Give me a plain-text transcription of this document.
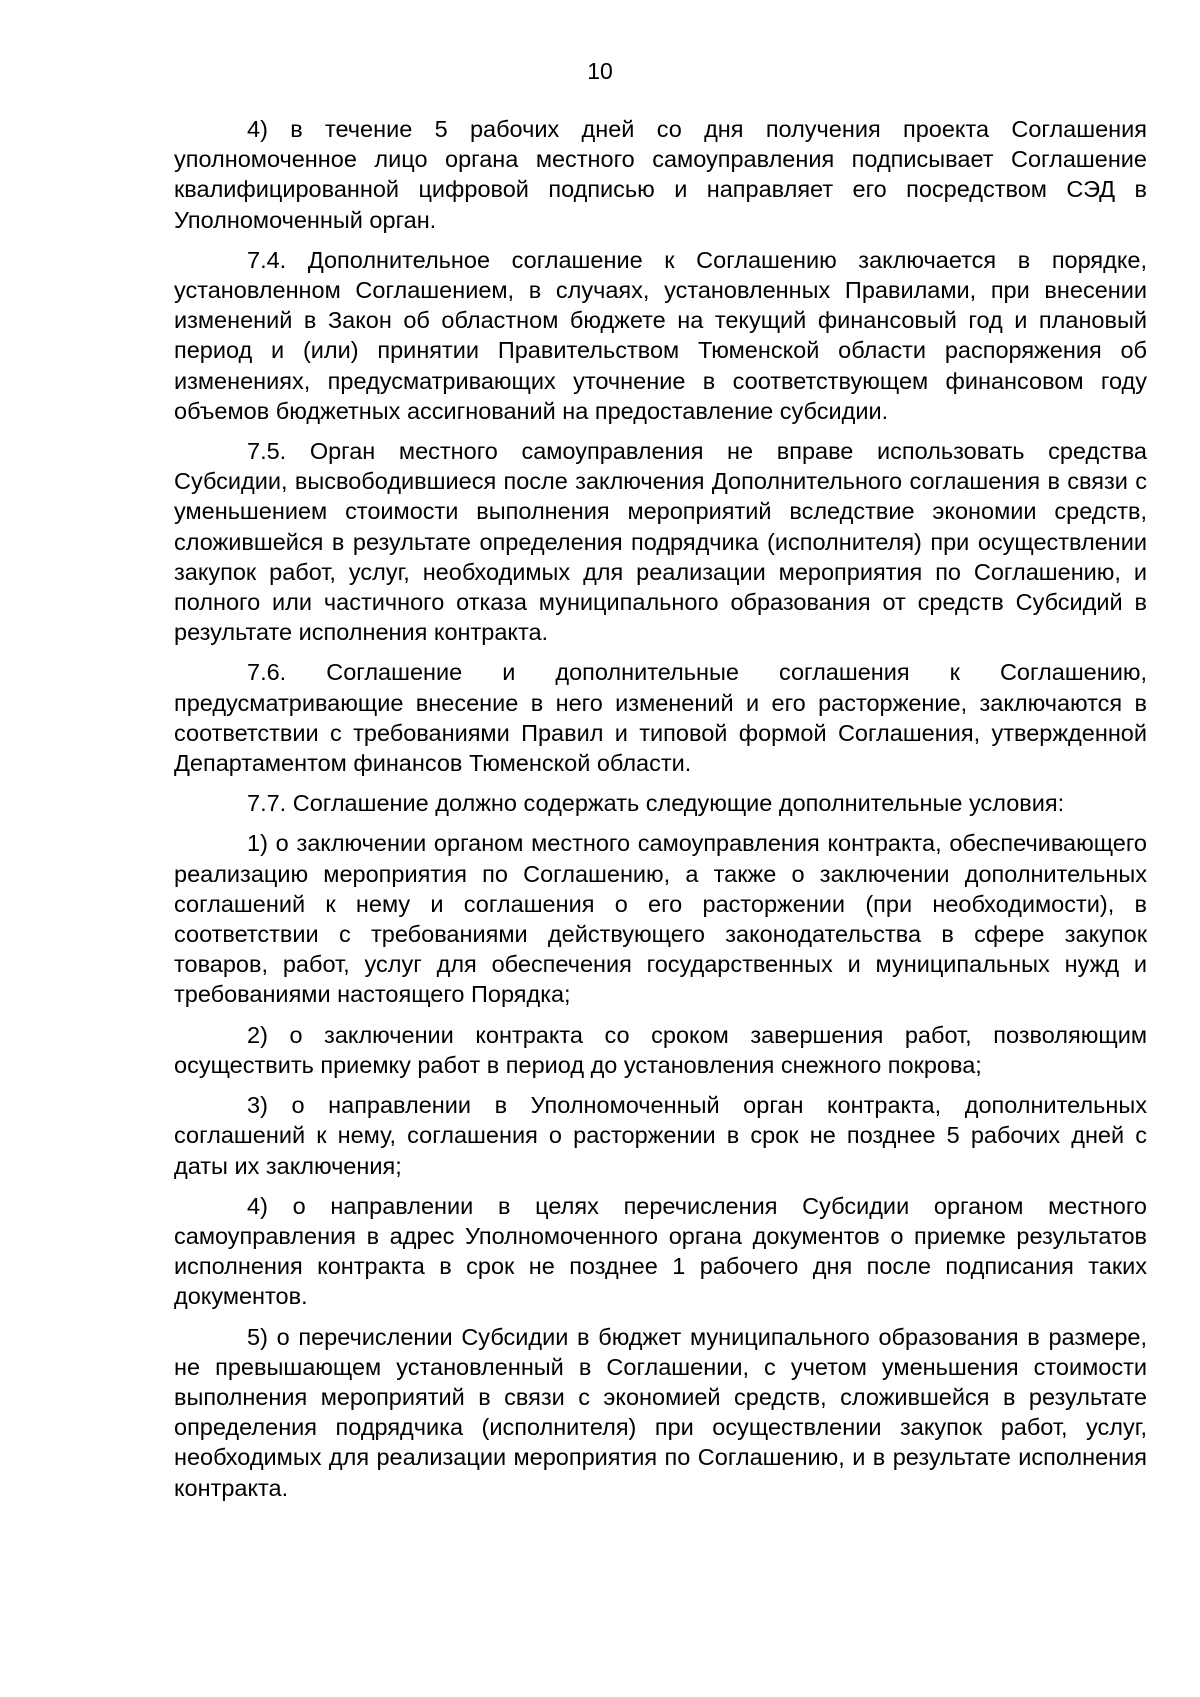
10

4) в течение 5 рабочих дней со дня получения проекта Соглашения уполномоченное лицо органа местного самоуправления подписывает Соглашение квалифицированной цифровой подписью и направляет его посредством СЭД в Уполномоченный орган.

7.4. Дополнительное соглашение к Соглашению заключается в порядке, установленном Соглашением, в случаях, установленных Правилами, при внесении изменений в Закон об областном бюджете на текущий финансовый год и плановый период и (или) принятии Правительством Тюменской области распоряжения об изменениях, предусматривающих уточнение в соответствующем финансовом году объемов бюджетных ассигнований на предоставление субсидии.

7.5. Орган местного самоуправления не вправе использовать средства Субсидии, высвободившиеся после заключения Дополнительного соглашения в связи с уменьшением стоимости выполнения мероприятий вследствие экономии средств, сложившейся в результате определения подрядчика (исполнителя) при осуществлении закупок работ, услуг, необходимых для реализации мероприятия по Соглашению, и полного или частичного отказа муниципального образования от средств Субсидий в результате исполнения контракта.

7.6. Соглашение и дополнительные соглашения к Соглашению, предусматривающие внесение в него изменений и его расторжение, заключаются в соответствии с требованиями Правил и типовой формой Соглашения, утвержденной Департаментом финансов Тюменской области.

7.7. Соглашение должно содержать следующие дополнительные условия:

1) о заключении органом местного самоуправления контракта, обеспечивающего реализацию мероприятия по Соглашению, а также о заключении дополнительных соглашений к нему и соглашения о его расторжении (при необходимости), в соответствии с требованиями действующего законодательства в сфере закупок товаров, работ, услуг для обеспечения государственных и муниципальных нужд и требованиями настоящего Порядка;

2) о заключении контракта со сроком завершения работ, позволяющим осуществить приемку работ в период до установления снежного покрова;

3) о направлении в Уполномоченный орган контракта, дополнительных соглашений к нему, соглашения о расторжении в срок не позднее 5 рабочих дней с даты их заключения;

4) о направлении в целях перечисления Субсидии органом местного самоуправления в адрес Уполномоченного органа документов о приемке результатов исполнения контракта в срок не позднее 1 рабочего дня после подписания таких документов.

5) о перечислении Субсидии в бюджет муниципального образования в размере, не превышающем установленный в Соглашении, с учетом уменьшения стоимости выполнения мероприятий в связи с экономией средств, сложившейся в результате определения подрядчика (исполнителя) при осуществлении закупок работ, услуг, необходимых для реализации мероприятия по Соглашению, и в результате исполнения контракта.
